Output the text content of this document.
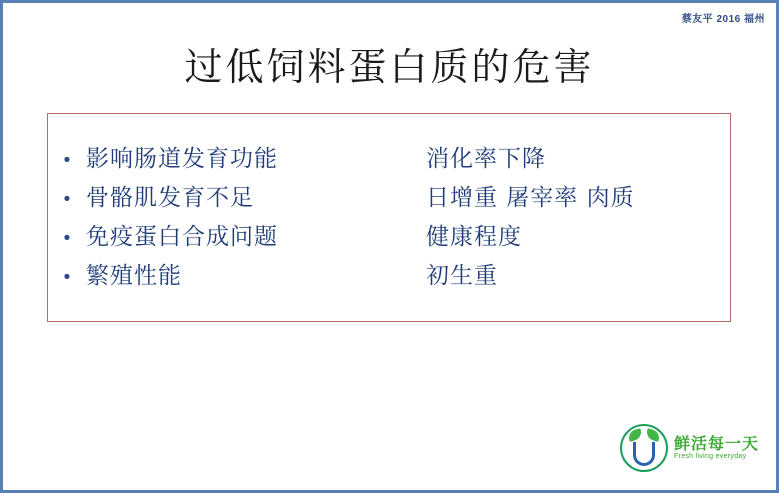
蔡友平 2016 福州
过低饲料蛋白质的危害
• 影响肠道发育功能	消化率下降
• 骨骼肌发育不足	日增重 屠宰率 肉质
• 免疫蛋白合成问题	健康程度
• 繁殖性能	初生重
鲜活每一天
Fresh living everyday
